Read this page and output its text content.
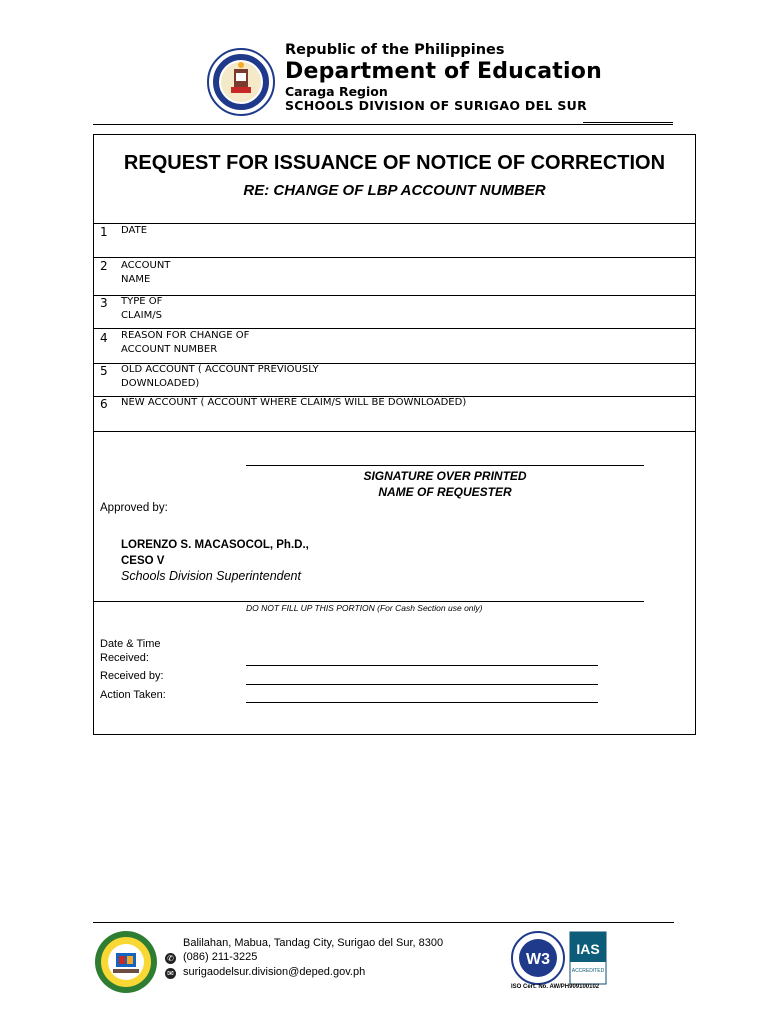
Republic of the Philippines
Department of Education
Caraga Region
SCHOOLS DIVISION OF SURIGAO DEL SUR
REQUEST FOR ISSUANCE OF NOTICE OF CORRECTION
RE: CHANGE OF LBP ACCOUNT NUMBER
1 DATE
2 ACCOUNT
NAME
3 TYPE OF
CLAIM/S
4 REASON FOR CHANGE OF
ACCOUNT NUMBER
5 OLD ACCOUNT ( ACCOUNT PREVIOUSLY
DOWNLOADED)
6 NEW ACCOUNT ( ACCOUNT WHERE CLAIM/S WILL BE DOWNLOADED)
SIGNATURE OVER PRINTED
NAME OF REQUESTER
Approved by:
LORENZO S. MACASOCOL, Ph.D.,
CESO V
Schools Division Superintendent
DO NOT FILL UP THIS PORTION (For Cash Section use only)
Date & Time
Received:
Received by:
Action Taken:
Balilahan, Mabua, Tandag City, Surigao del Sur, 8300
✆ (086) 211-3225
✉ surigaodelsur.division@deped.gov.ph
W3
IAS
ACCREDITED
ISO Cert. No. AW/PH909100102
